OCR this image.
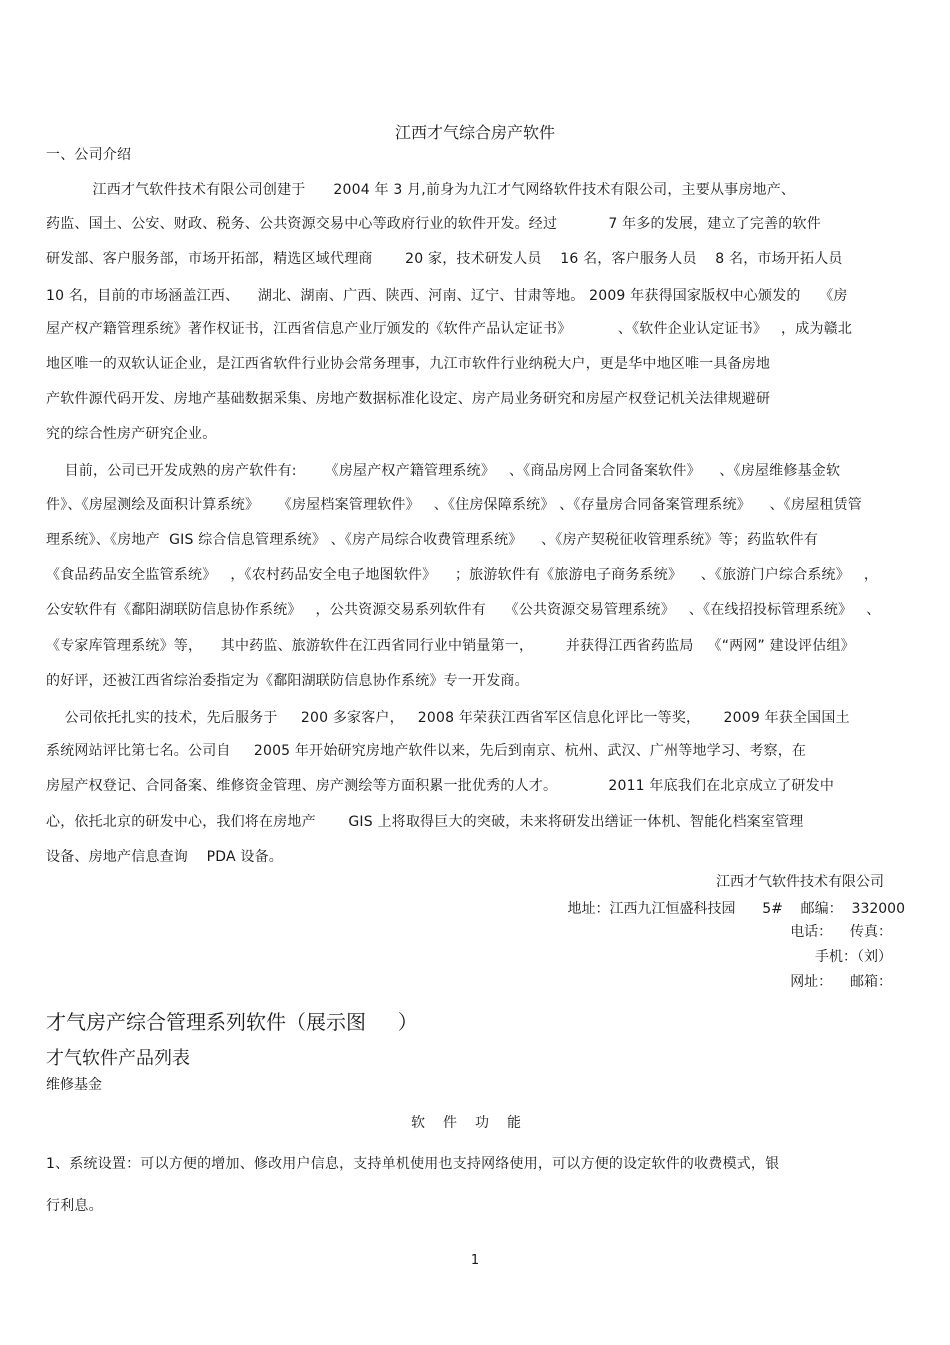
江西才气综合房产软件
一、公司介绍
江西才气软件技术有限公司创建于      2004 年 3 月,前身为九江才气网络软件技术有限公司，主要从事房地产、
药监、国土、公安、财政、税务、公共资源交易中心等政府行业的软件开发。经过           7 年多的发展，建立了完善的软件
研发部、客户服务部，市场开拓部，精选区域代理商       20 家，技术研发人员    16 名，客户服务人员    8 名，市场开拓人员
10 名，目前的市场涵盖江西、    湖北、湖南、广西、陕西、河南、辽宁、甘肃等地。 2009 年获得国家版权中心颁发的    《房
屋产权产籍管理系统》著作权证书，江西省信息产业厅颁发的《软件产品认定证书》          、《软件企业认定证书》   ，成为赣北
地区唯一的双软认证企业，是江西省软件行业协会常务理事，九江市软件行业纳税大户，更是华中地区唯一具备房地
产软件源代码开发、房地产基础数据采集、房地产数据标准化设定、房产局业务研究和房屋产权登记机关法律规避研
究的综合性房产研究企业。
目前，公司已开发成熟的房产软件有:      《房屋产权产籍管理系统》   、《商品房网上合同备案软件》    、《房屋维修基金软
件》、《房屋测绘及面积计算系统》    《房屋档案管理软件》   、《住房保障系统》 、《存量房合同备案管理系统》    、《房屋租赁管
理系统》、《房地产  GIS 综合信息管理系统》 、《房产局综合收费管理系统》    、《房产契税征收管理系统》等；药监软件有
《食品药品安全监管系统》   ，《农村药品安全电子地图软件》    ；旅游软件有《旅游电子商务系统》    、《旅游门户综合系统》   ，
公安软件有《鄱阳湖联防信息协作系统》   ，公共资源交易系列软件有    《公共资源交易管理系统》   、《在线招投标管理系统》   、
《专家库管理系统》等，    其中药监、旅游软件在江西省同行业中销量第一，       并获得江西省药监局   《“两网” 建设评估组》
的好评，还被江西省综治委指定为《鄱阳湖联防信息协作系统》专一开发商。
公司依托扎实的技术，先后服务于     200 多家客户，   2008 年荣获江西省军区信息化评比一等奖，     2009 年获全国国土
系统网站评比第七名。公司自     2005 年开始研究房地产软件以来，先后到南京、杭州、武汉、广州等地学习、考察，在
房屋产权登记、合同备案、维修资金管理、房产测绘等方面积累一批优秀的人才。           2011 年底我们在北京成立了研发中
心，依托北京的研发中心，我们将在房地产       GIS 上将取得巨大的突破，未来将研发出缮证一体机、智能化档案室管理
设备、房地产信息查询    PDA 设备。
江西才气软件技术有限公司
地址：江西九江恒盛科技园      5#    邮编：  332000
电话：    传真：
手机：（刘）
网址：    邮箱：
才气房产综合管理系列软件（展示图     ）
才气软件产品列表
维修基金
软件功能
1、系统设置：可以方便的增加、修改用户信息，支持单机使用也支持网络使用，可以方便的设定软件的收费模式，银
行利息。
1
